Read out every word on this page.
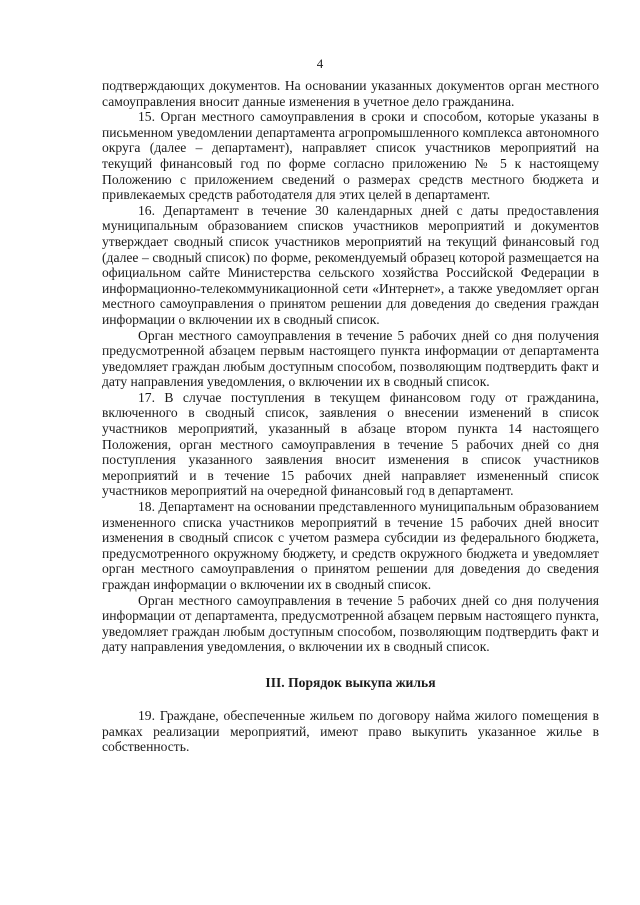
4

подтверждающих документов. На основании указанных документов орган местного самоуправления вносит данные изменения в учетное дело гражданина.

15. Орган местного самоуправления в сроки и способом, которые указаны в письменном уведомлении департамента агропромышленного комплекса автономного округа (далее – департамент), направляет список участников мероприятий на текущий финансовый год по форме согласно приложению № 5 к настоящему Положению с приложением сведений о размерах средств местного бюджета и привлекаемых средств работодателя для этих целей в департамент.

16. Департамент в течение 30 календарных дней с даты предоставления муниципальным образованием списков участников мероприятий и документов утверждает сводный список участников мероприятий на текущий финансовый год (далее – сводный список) по форме, рекомендуемый образец которой размещается на официальном сайте Министерства сельского хозяйства Российской Федерации в информационно-телекоммуникационной сети «Интернет», а также уведомляет орган местного самоуправления о принятом решении для доведения до сведения граждан информации о включении их в сводный список.

Орган местного самоуправления в течение 5 рабочих дней со дня получения предусмотренной абзацем первым настоящего пункта информации от департамента уведомляет граждан любым доступным способом, позволяющим подтвердить факт и дату направления уведомления, о включении их в сводный список.

17. В случае поступления в текущем финансовом году от гражданина, включенного в сводный список, заявления о внесении изменений в список участников мероприятий, указанный в абзаце втором пункта 14 настоящего Положения, орган местного самоуправления в течение 5 рабочих дней со дня поступления указанного заявления вносит изменения в список участников мероприятий и в течение 15 рабочих дней направляет измененный список участников мероприятий на очередной финансовый год в департамент.

18. Департамент на основании представленного муниципальным образованием измененного списка участников мероприятий в течение 15 рабочих дней вносит изменения в сводный список с учетом размера субсидии из федерального бюджета, предусмотренного окружному бюджету, и средств окружного бюджета и уведомляет орган местного самоуправления о принятом решении для доведения до сведения граждан информации о включении их в сводный список.

Орган местного самоуправления в течение 5 рабочих дней со дня получения информации от департамента, предусмотренной абзацем первым настоящего пункта, уведомляет граждан любым доступным способом, позволяющим подтвердить факт и дату направления уведомления, о включении их в сводный список.

III. Порядок выкупа жилья

19. Граждане, обеспеченные жильем по договору найма жилого помещения в рамках реализации мероприятий, имеют право выкупить указанное жилье в собственность.
